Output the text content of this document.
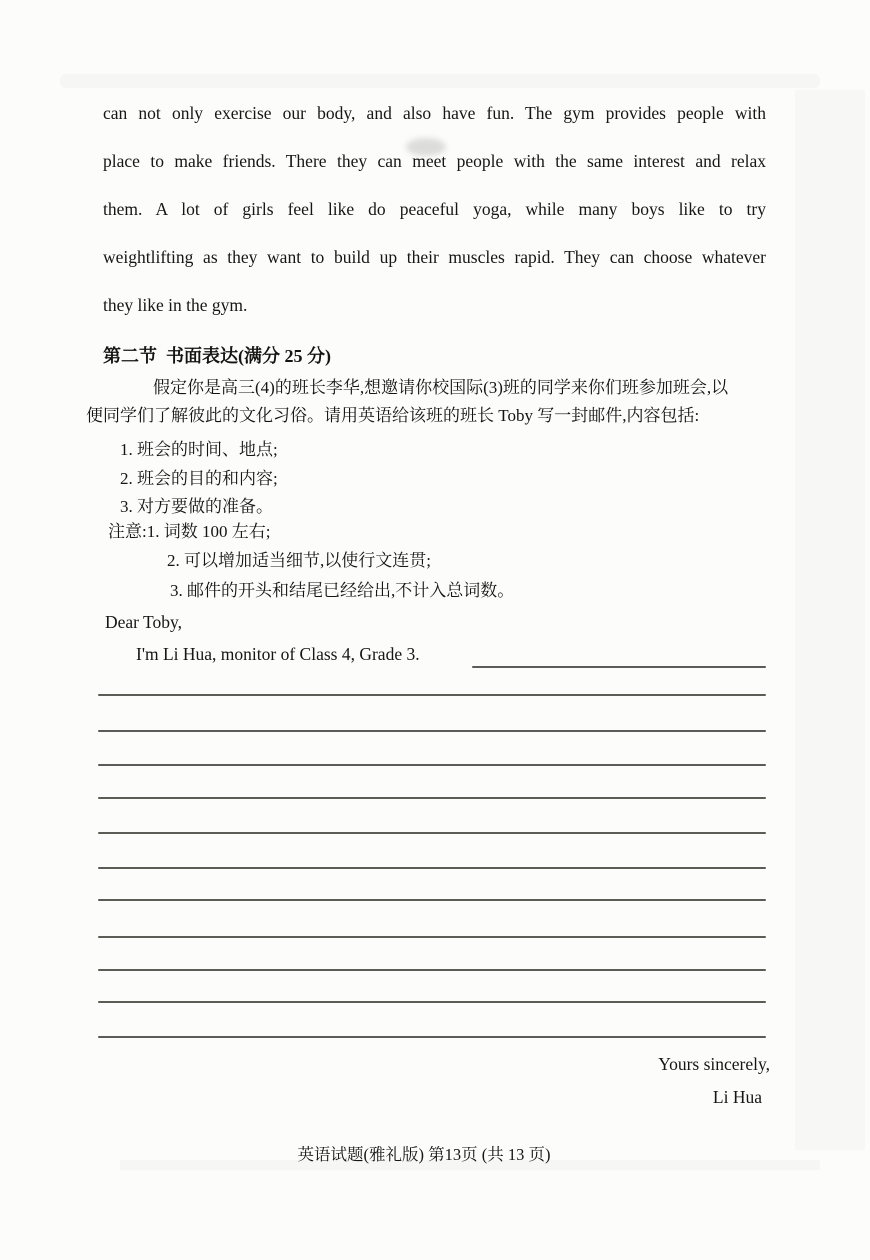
can not only exercise our body, and also have fun. The gym provides people with
place to make friends. There they can meet people with the same interest and relax
them. A lot of girls feel like do peaceful yoga, while many boys like to try
weightlifting as they want to build up their muscles rapid. They can choose whatever
they like in the gym.
第二节  书面表达(满分 25 分)
假定你是高三(4)的班长李华,想邀请你校国际(3)班的同学来你们班参加班会,以
便同学们了解彼此的文化习俗。请用英语给该班的班长 Toby 写一封邮件,内容包括:
1. 班会的时间、地点;
2. 班会的目的和内容;
3. 对方要做的准备。
注意:1. 词数 100 左右;
2. 可以增加适当细节,以使行文连贯;
3. 邮件的开头和结尾已经给出,不计入总词数。
Dear Toby,
I'm Li Hua, monitor of Class 4, Grade 3.
Yours sincerely,
Li Hua
英语试题(雅礼版) 第13页 (共 13 页)
